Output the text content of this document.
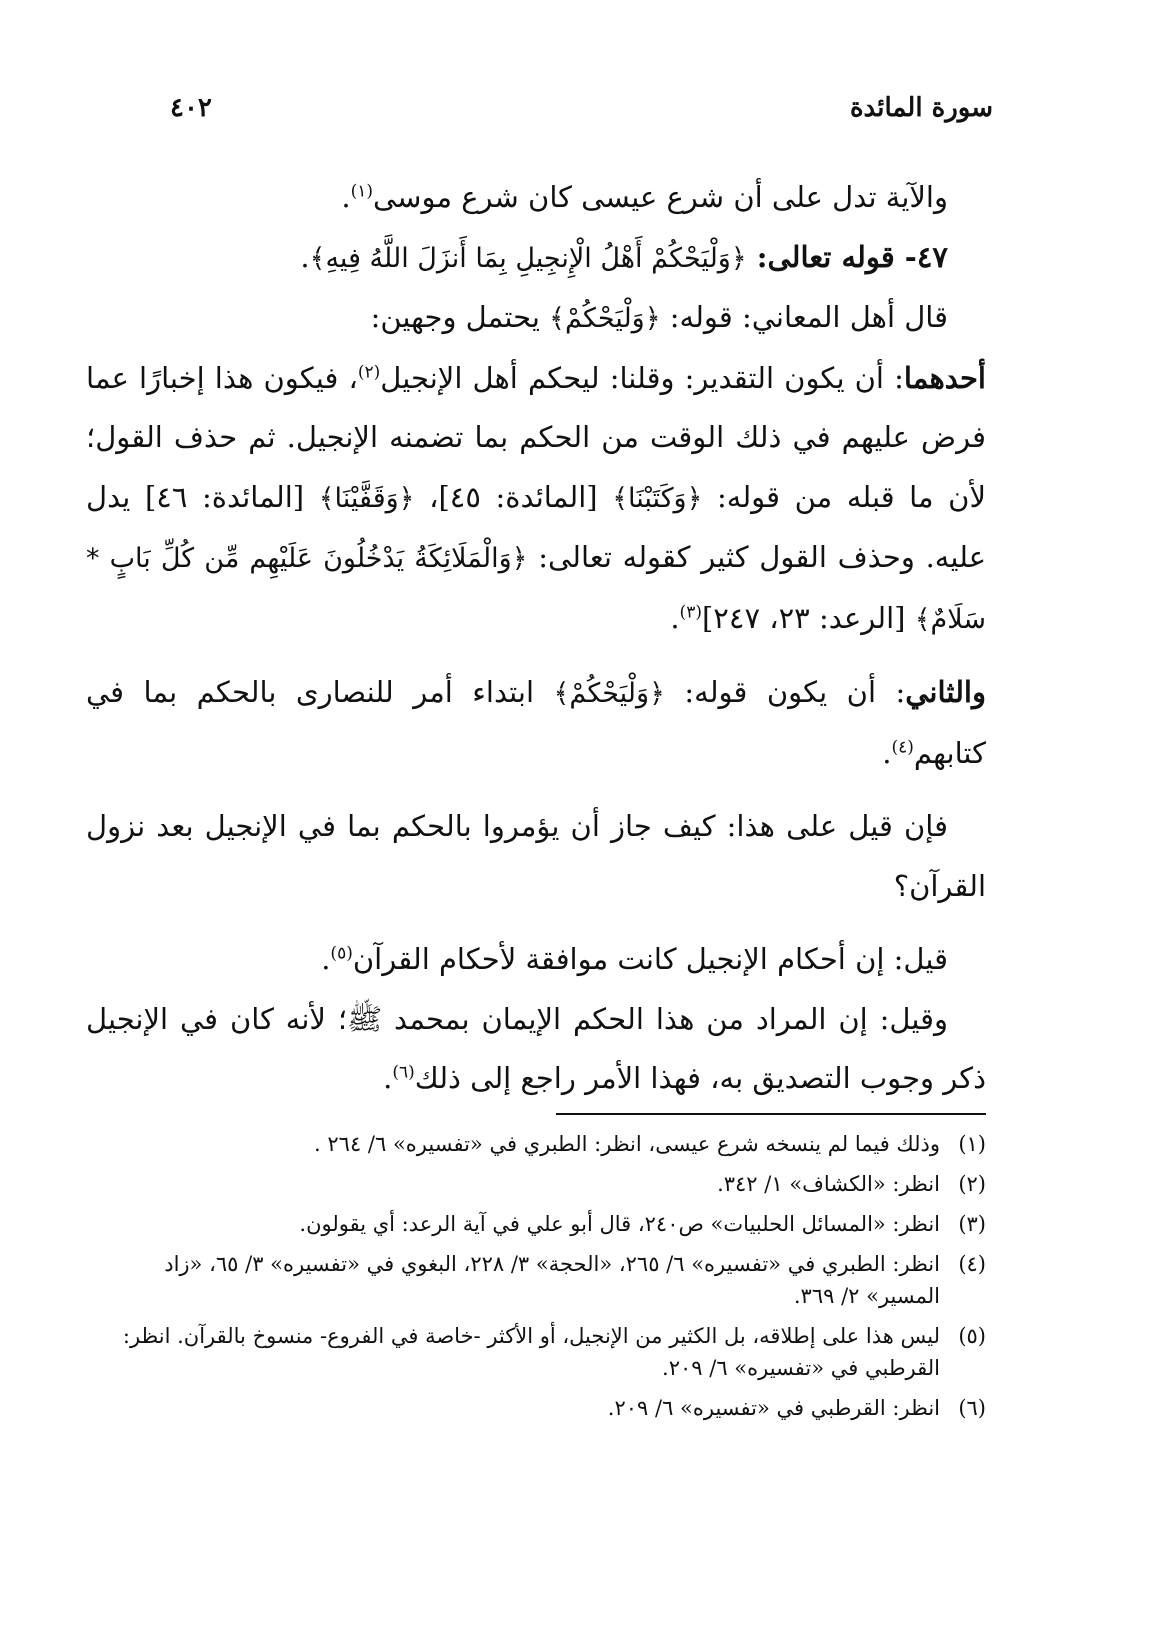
سورة المائدة
٤٠٢

والآية تدل على أن شرع عيسى كان شرع موسى$^{(١)}$.

٤٧- قوله تعالى: ﴿وَلْيَحْكُمْ أَهْلُ الْإِنجِيلِ بِمَا أَنزَلَ اللَّهُ فِيهِ﴾.

قال أهل المعاني: قوله: ﴿وَلْيَحْكُمْ﴾ يحتمل وجهين:

أحدهما: أن يكون التقدير: وقلنا: ليحكم أهل الإنجيل$^{(٢)}$، فيكون هذا إخبارًا عما فرض عليهم في ذلك الوقت من الحكم بما تضمنه الإنجيل. ثم حذف القول؛ لأن ما قبله من قوله: ﴿وَكَتَبْنَا﴾ [المائدة: ٤٥]، ﴿وَقَفَّيْنَا﴾ [المائدة: ٤٦] يدل عليه. وحذف القول كثير كقوله تعالى: ﴿وَالْمَلَائِكَةُ يَدْخُلُونَ عَلَيْهِم مِّن كُلِّ بَابٍ * سَلَامٌ﴾ [الرعد: ٢٣، ٢٤٧]$^{(٣)}$.

والثاني: أن يكون قوله: ﴿وَلْيَحْكُمْ﴾ ابتداء أمر للنصارى بالحكم بما في كتابهم$^{(٤)}$.

فإن قيل على هذا: كيف جاز أن يؤمروا بالحكم بما في الإنجيل بعد نزول القرآن؟

قيل: إن أحكام الإنجيل كانت موافقة لأحكام القرآن$^{(٥)}$.

وقيل: إن المراد من هذا الحكم الإيمان بمحمد ﷺ؛ لأنه كان في الإنجيل ذكر وجوب التصديق به، فهذا الأمر راجع إلى ذلك$^{(٦)}$.

(١)
وذلك فيما لم ينسخه شرع عيسى، انظر: الطبري في «تفسيره» ٦/ ٢٦٤ .
(٢)
انظر: «الكشاف» ١/ ٣٤٢.
(٣)
انظر: «المسائل الحلبيات» ص٢٤٠، قال أبو علي في آية الرعد: أي يقولون.
(٤)
انظر: الطبري في «تفسيره» ٦/ ٢٦٥، «الحجة» ٣/ ٢٢٨، البغوي في «تفسيره» ٣/ ٦٥، «زاد المسير» ٢/ ٣٦٩.
(٥)
ليس هذا على إطلاقه، بل الكثير من الإنجيل، أو الأكثر -خاصة في الفروع- منسوخ بالقرآن. انظر: القرطبي في «تفسيره» ٦/ ٢٠٩.
(٦)
انظر: القرطبي في «تفسيره» ٦/ ٢٠٩.
